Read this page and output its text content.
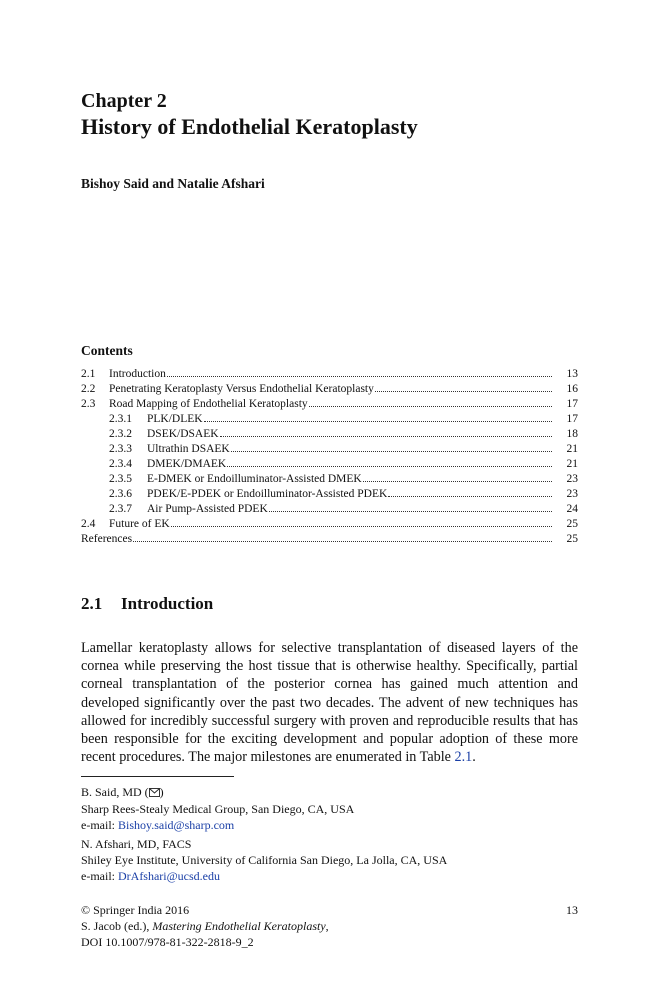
Chapter 2
History of Endothelial Keratoplasty
Bishoy Said and Natalie Afshari
Contents
2.1	Introduction	13
2.2	Penetrating Keratoplasty Versus Endothelial Keratoplasty	16
2.3	Road Mapping of Endothelial Keratoplasty	17
2.3.1	PLK/DLEK	17
2.3.2	DSEK/DSAEK	18
2.3.3	Ultrathin DSAEK	21
2.3.4	DMEK/DMAEK	21
2.3.5	E-DMEK or Endoilluminator-Assisted DMEK	23
2.3.6	PDEK/E-PDEK or Endoilluminator-Assisted PDEK	23
2.3.7	Air Pump-Assisted PDEK	24
2.4	Future of EK	25
References	25
2.1 Introduction

Lamellar keratoplasty allows for selective transplantation of diseased layers of the cornea while preserving the host tissue that is otherwise healthy. Specifically, partial corneal transplantation of the posterior cornea has gained much attention and developed significantly over the past two decades. The advent of new techniques has allowed for incredibly successful surgery with proven and reproducible results that has been responsible for the exciting development and popular adoption of these more recent procedures. The major milestones are enumerated in Table 2.1.

B. Said, MD ( )
Sharp Rees-Stealy Medical Group, San Diego, CA, USA
e-mail: Bishoy.said@sharp.com
N. Afshari, MD, FACS
Shiley Eye Institute, University of California San Diego, La Jolla, CA, USA
e-mail: DrAfshari@ucsd.edu
© Springer India 2016
S. Jacob (ed.), Mastering Endothelial Keratoplasty,
DOI 10.1007/978-81-322-2818-9_2
13
